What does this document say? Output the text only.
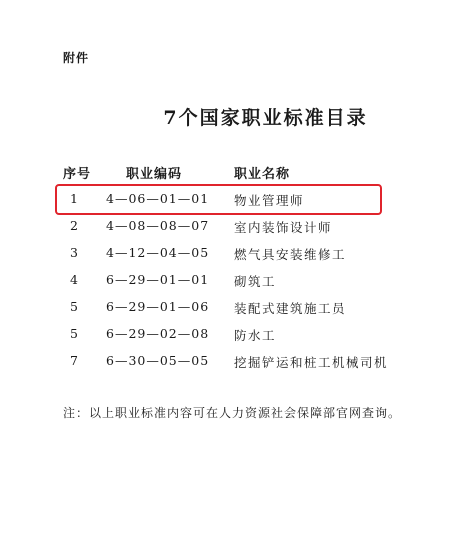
附件
7个国家职业标准目录
序号	职业编码	职业名称
1 4—06—01—01 物业管理师
2 4—08—08—07 室内装饰设计师
3 4—12—04—05 燃气具安装维修工
4 6—29—01—01 砌筑工
5 6—29—01—06 装配式建筑施工员
5 6—29—02—08 防水工
7 6—30—05—05 挖掘铲运和桩工机械司机
注：以上职业标准内容可在人力资源社会保障部官网查询。
